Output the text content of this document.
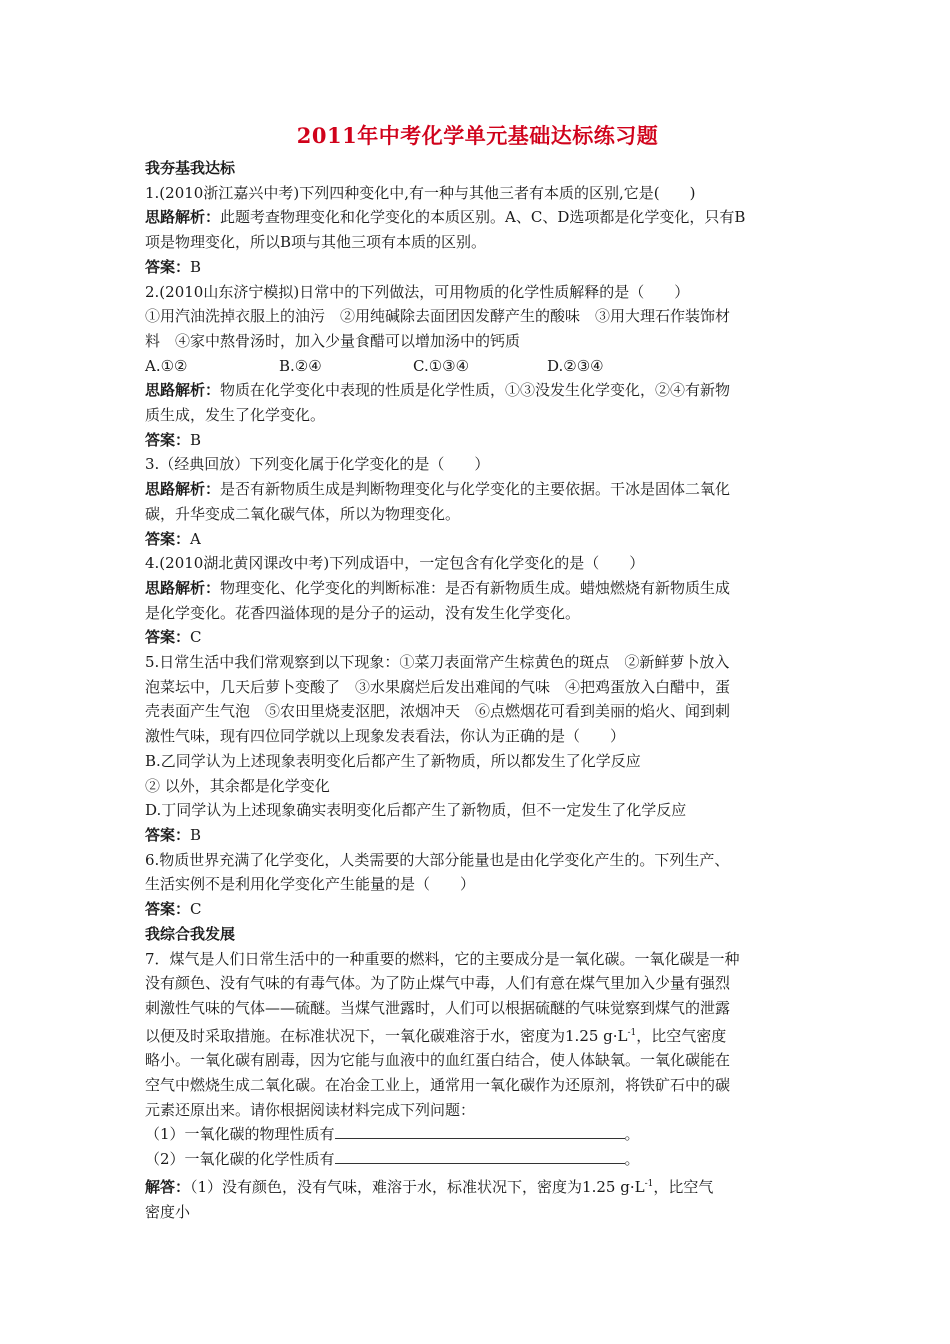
2011年中考化学单元基础达标练习题

我夯基我达标

1.(2010浙江嘉兴中考)下列四种变化中,有一种与其他三者有本质的区别,它是(　　)

思路解析：此题考查物理变化和化学变化的本质区别。A、C、D选项都是化学变化，只有B

项是物理变化，所以B项与其他三项有本质的区别。

答案：B

2.(2010山东济宁模拟)日常中的下列做法，可用物质的化学性质解释的是（　　）

①用汽油洗掉衣服上的油污　②用纯碱除去面团因发酵产生的酸味　③用大理石作装饰材

料　④家中熬骨汤时，加入少量食醋可以增加汤中的钙质

A.①②	B.②④	C.①③④	D.②③④

思路解析：物质在化学变化中表现的性质是化学性质，①③没发生化学变化，②④有新物

质生成，发生了化学变化。

答案：B

3.（经典回放）下列变化属于化学变化的是（　　）

思路解析：是否有新物质生成是判断物理变化与化学变化的主要依据。干冰是固体二氧化

碳，升华变成二氧化碳气体，所以为物理变化。

答案：A

4.(2010湖北黄冈课改中考)下列成语中，一定包含有化学变化的是（　　）

思路解析：物理变化、化学变化的判断标准：是否有新物质生成。蜡烛燃烧有新物质生成

是化学变化。花香四溢体现的是分子的运动，没有发生化学变化。

答案：C

5.日常生活中我们常观察到以下现象：①菜刀表面常产生棕黄色的斑点　②新鲜萝卜放入

泡菜坛中，几天后萝卜变酸了　③水果腐烂后发出难闻的气味　④把鸡蛋放入白醋中，蛋

壳表面产生气泡　⑤农田里烧麦沤肥，浓烟冲天　⑥点燃烟花可看到美丽的焰火、闻到刺

激性气味，现有四位同学就以上现象发表看法，你认为正确的是（　　）

B.乙同学认为上述现象表明变化后都产生了新物质，所以都发生了化学反应

② 以外，其余都是化学变化

D.丁同学认为上述现象确实表明变化后都产生了新物质，但不一定发生了化学反应

答案：B

6.物质世界充满了化学变化，人类需要的大部分能量也是由化学变化产生的。下列生产、

生活实例不是利用化学变化产生能量的是（　　）

答案：C

我综合我发展

7．煤气是人们日常生活中的一种重要的燃料，它的主要成分是一氧化碳。一氧化碳是一种

没有颜色、没有气味的有毒气体。为了防止煤气中毒，人们有意在煤气里加入少量有强烈

刺激性气味的气体——硫醚。当煤气泄露时，人们可以根据硫醚的气味觉察到煤气的泄露

以便及时采取措施。在标准状况下，一氧化碳难溶于水，密度为1.25 $g\cdot L^{-1}$，比空气密度

略小。一氧化碳有剧毒，因为它能与血液中的血红蛋白结合，使人体缺氧。一氧化碳能在

空气中燃烧生成二氧化碳。在冶金工业上，通常用一氧化碳作为还原剂，将铁矿石中的碳

元素还原出来。请你根据阅读材料完成下列问题：

（1）一氧化碳的物理性质有	。

（2）一氧化碳的化学性质有	。

解答：（1）没有颜色，没有气味，难溶于水，标准状况下，密度为1.25 $g\cdot L^{-1}$，比空气

密度小
